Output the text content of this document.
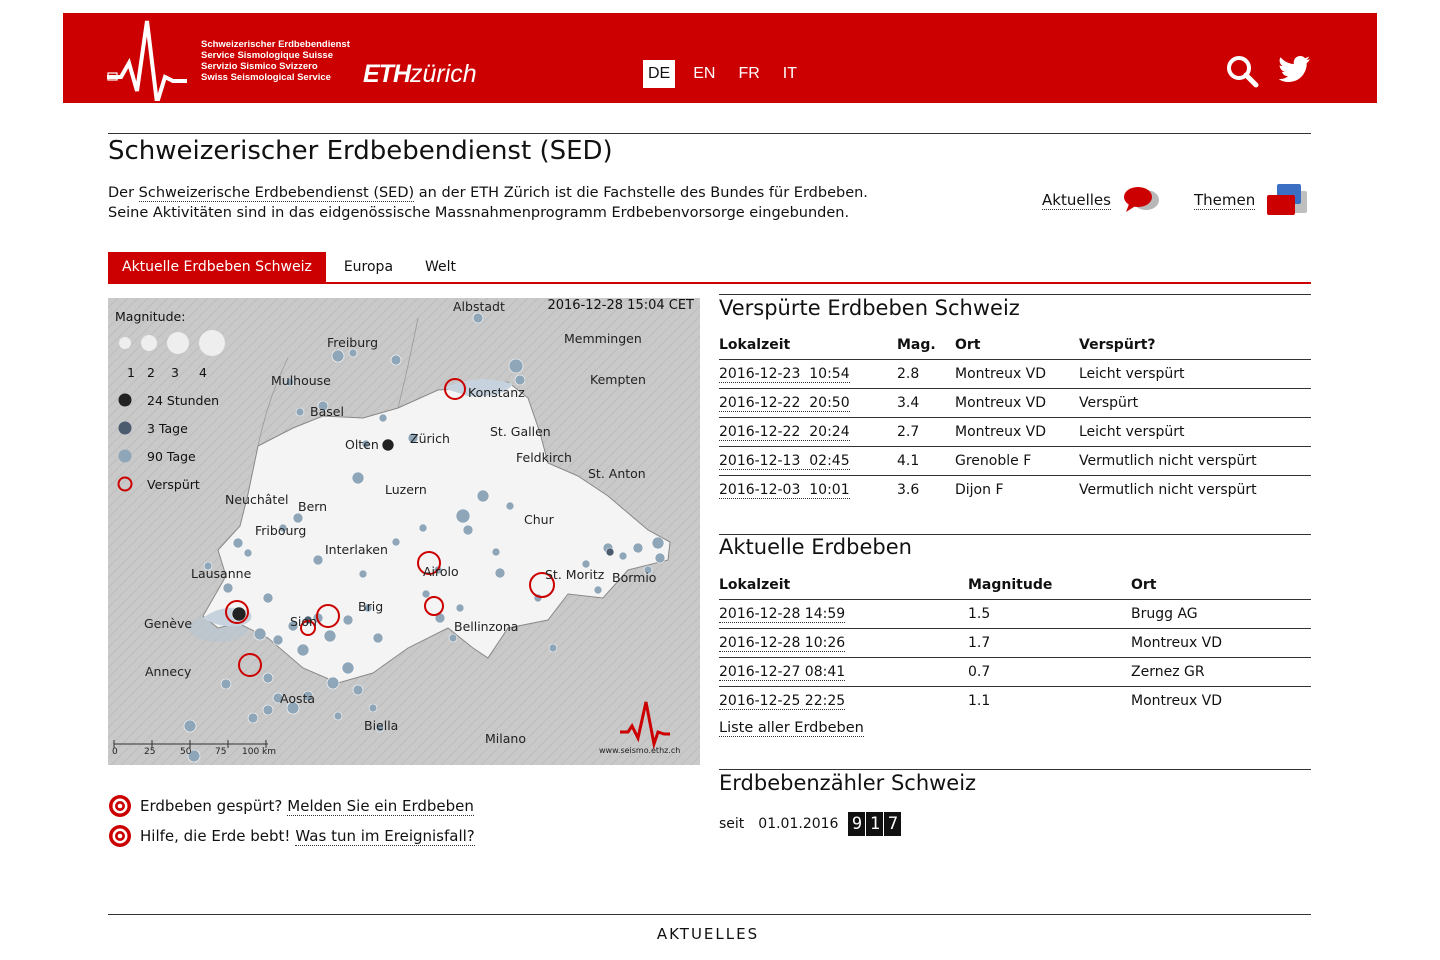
Schweizerischer Erdbebendienst
Service Sismologique Suisse
Servizio Sismico Svizzero
Swiss Seismological Service	ETHzürich	DE	EN	FR	IT
Schweizerischer Erdbebendienst (SED)
Der Schweizerische Erdbebendienst (SED) an der ETH Zürich ist die Fachstelle des Bundes für Erdbeben.
Seine Aktivitäten sind in das eidgenössische Massnahmenprogramm Erdbebenvorsorge eingebunden.
Aktuelles	Themen
Aktuelle Erdbeben Schweiz	Europa	Welt
2016-12-28 15:04 CET
Magnitude:
1 2 3 4
24 Stunden
3 Tage
90 Tage
Verspürt
Albstadt
Freiburg	Memmingen
Mulhouse	Kempten
Konstanz
Basel
Olten Zürich	St. Gallen
Feldkirch
St. Anton
Neuchâtel Bern
Luzern
Fribourg
Chur
Interlaken
Lausanne	Airolo	St. Moritz Bormio
Genève	Sion
Brig
Bellinzona
Annecy
Aosta
Biella
Milano
0	25	50	75 100 km	www.seismo.ethz.ch
Erdbeben gespürt? Melden Sie ein Erdbeben
Hilfe, die Erde bebt! Was tun im Ereignisfall?
Verspürte Erdbeben Schweiz
Lokalzeit	Mag.	Ort	Verspürt?
2016-12-23  10:54	2.8	Montreux VD	Leicht verspürt
2016-12-22  20:50	3.4	Montreux VD	Verspürt
2016-12-22  20:24	2.7	Montreux VD	Leicht verspürt
2016-12-13  02:45	4.1	Grenoble F	Vermutlich nicht verspürt
2016-12-03  10:01	3.6	Dijon F	Vermutlich nicht verspürt
Aktuelle Erdbeben
Lokalzeit	Magnitude	Ort
2016-12-28 14:59	1.5	Brugg AG
2016-12-28 10:26	1.7	Montreux VD
2016-12-27 08:41	0.7	Zernez GR
2016-12-25 22:25	1.1	Montreux VD
Liste aller Erdbeben
Erdbebenzähler Schweiz
seit 01.01.2016 9 1 7
AKTUELLES
